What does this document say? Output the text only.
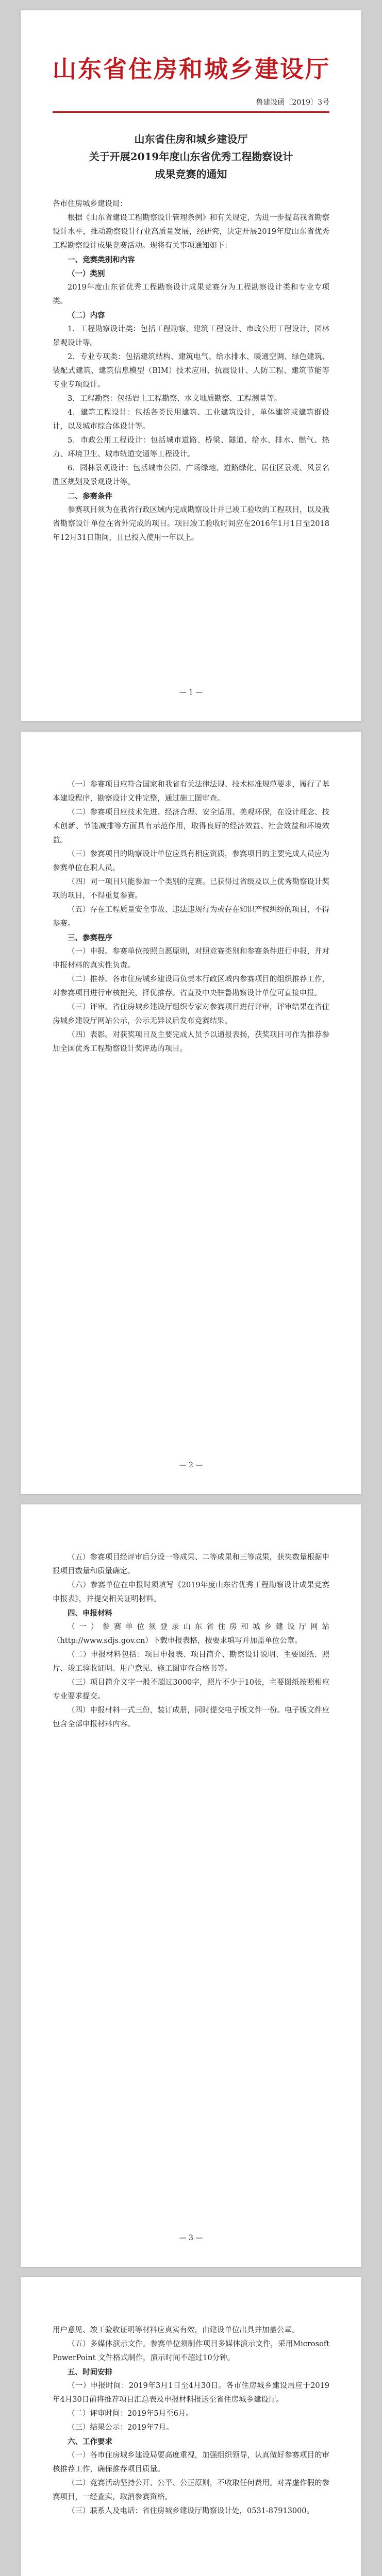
山东省住房和城乡建设厅
鲁建设函〔2019〕3号
山东省住房和城乡建设厅
关于开展2019年度山东省优秀工程勘察设计
成果竞赛的通知

各市住房城乡建设局：

根据《山东省建设工程勘察设计管理条例》和有关规定，为进一步提高我省勘察设计水平，推动勘察设计行业高质量发展，经研究，决定开展2019年度山东省优秀工程勘察设计成果竞赛活动。现将有关事项通知如下：

一、竞赛类别和内容

（一）类别

2019年度山东省优秀工程勘察设计成果竞赛分为工程勘察设计类和专业专项类。

（二）内容

1．工程勘察设计类：包括工程勘察、建筑工程设计、市政公用工程设计、园林景观设计等。

2．专业专项类：包括建筑结构、建筑电气、给水排水、暖通空调、绿色建筑、装配式建筑、建筑信息模型（BIM）技术应用、抗震设计、人防工程、建筑节能等专业专项设计。

3．工程勘察：包括岩土工程勘察、水文地质勘察、工程测量等。

4．建筑工程设计：包括各类民用建筑、工业建筑设计，单体建筑或建筑群设计，以及城市综合体设计等。

5．市政公用工程设计：包括城市道路、桥梁、隧道、给水、排水、燃气、热力、环境卫生、城市轨道交通等工程设计。

6．园林景观设计：包括城市公园、广场绿地、道路绿化、居住区景观、风景名胜区规划及景观设计等。

二、参赛条件

参赛项目须为在我省行政区域内完成勘察设计并已竣工验收的工程项目，以及我省勘察设计单位在省外完成的项目。项目竣工验收时间应在2016年1月1日至2018年12月31日期间，且已投入使用一年以上。

— 1 —

（一）参赛项目应符合国家和我省有关法律法规、技术标准规范要求，履行了基本建设程序，勘察设计文件完整，通过施工图审查。

（二）参赛项目应技术先进、经济合理、安全适用、美观环保，在设计理念、技术创新、节能减排等方面具有示范作用，取得良好的经济效益、社会效益和环境效益。

（三）参赛项目的勘察设计单位应具有相应资质，参赛项目的主要完成人员应为参赛单位在职人员。

（四）同一项目只能参加一个类别的竞赛。已获得过省级及以上优秀勘察设计奖项的项目，不得重复参赛。

（五）存在工程质量安全事故、违法违规行为或存在知识产权纠纷的项目，不得参赛。

三、参赛程序

（一）申报。参赛单位按照自愿原则，对照竞赛类别和参赛条件进行申报，并对申报材料的真实性负责。

（二）推荐。各市住房城乡建设局负责本行政区域内参赛项目的组织推荐工作，对参赛项目进行审核把关，择优推荐。省直及中央驻鲁勘察设计单位可直接申报。

（三）评审。省住房城乡建设厅组织专家对参赛项目进行评审，评审结果在省住房城乡建设厅网站公示，公示无异议后发布竞赛结果。

（四）表彰。对获奖项目及主要完成人员予以通报表扬，获奖项目可作为推荐参加全国优秀工程勘察设计奖评选的项目。

— 2 —

（五）参赛项目经评审后分设一等成果、二等成果和三等成果，获奖数量根据申报项目数量和质量确定。

（六）参赛单位在申报时须填写《2019年度山东省优秀工程勘察设计成果竞赛申报表》，并提交相关证明材料。

四、申报材料

（一）参赛单位须登录山东省住房和城乡建设厅网站（http://www.sdjs.gov.cn）下载申报表格，按要求填写并加盖单位公章。

（二）申报材料包括：项目申报表、项目简介、勘察设计说明、主要图纸、照片、竣工验收证明、用户意见、施工图审查合格书等。

（三）项目简介文字一般不超过3000字，照片不少于10张，主要图纸按照相应专业要求提交。

（四）申报材料一式三份，装订成册，同时提交电子版文件一份。电子版文件应包含全部申报材料内容。

— 3 —

用户意见、竣工验收证明等材料应真实有效，由建设单位出具并加盖公章。

（五）多媒体演示文件。参赛单位须制作项目多媒体演示文件，采用Microsoft PowerPoint 文件格式制作，演示时间不超过10分钟。

五、时间安排

（一）申报时间：2019年3月1日至4月30日。各市住房城乡建设局应于2019年4月30日前将推荐项目汇总表及申报材料报送至省住房城乡建设厅。

（二）评审时间：2019年5月至6月。

（三）结果公示：2019年7月。

六、工作要求

（一）各市住房城乡建设局要高度重视，加强组织领导，认真做好参赛项目的审核推荐工作，确保推荐项目质量。

（二）竞赛活动坚持公开、公平、公正原则，不收取任何费用。对弄虚作假的参赛项目，一经查实，取消参赛资格。

（三）联系人及电话：省住房城乡建设厅勘察设计处，0531-87913000。
